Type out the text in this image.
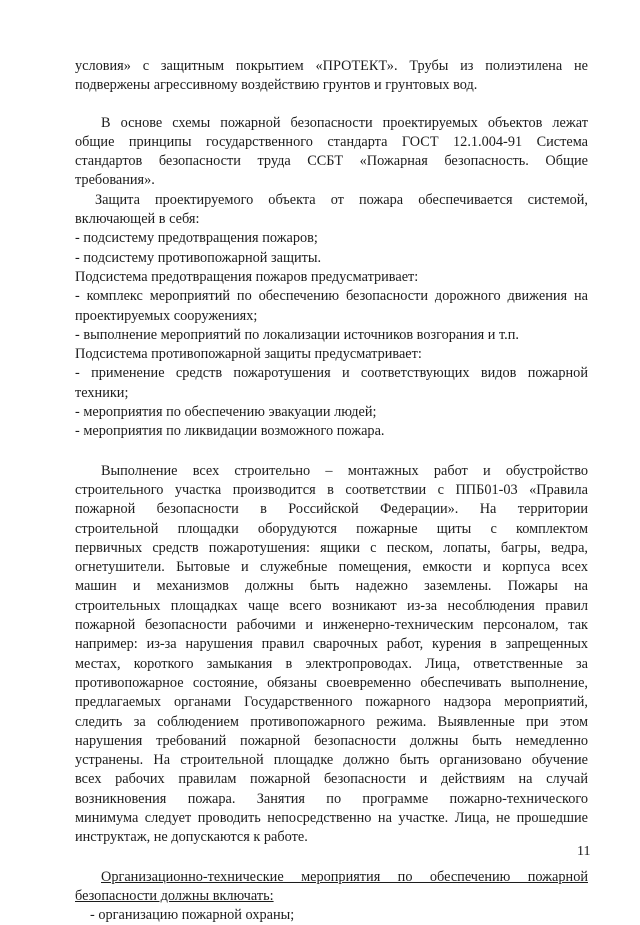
условия» с защитным покрытием «ПРОТЕКТ». Трубы из полиэтилена не

подвержены агрессивному воздействию грунтов и грунтовых вод.

В основе схемы пожарной безопасности проектируемых объектов лежат

общие принципы государственного стандарта ГОСТ 12.1.004-91 Система

стандартов безопасности труда ССБТ «Пожарная безопасность. Общие

требования».

Защита проектируемого объекта от пожара обеспечивается системой,

включающей в себя:

- подсистему предотвращения пожаров;

- подсистему противопожарной защиты.

Подсистема предотвращения пожаров предусматривает:

- комплекс мероприятий по обеспечению безопасности дорожного движения на

проектируемых сооружениях;

- выполнение мероприятий по локализации источников возгорания и т.п.

Подсистема противопожарной защиты предусматривает:

- применение средств пожаротушения и соответствующих видов пожарной

техники;

- мероприятия по обеспечению эвакуации людей;

- мероприятия по ликвидации возможного пожара.

Выполнение всех строительно – монтажных работ и обустройство

строительного участка производится в соответствии с ППБ01-03 «Правила

пожарной безопасности в Российской Федерации». На территории

строительной площадки оборудуются пожарные щиты с комплектом

первичных средств пожаротушения: ящики с песком, лопаты, багры, ведра,

огнетушители. Бытовые и служебные помещения, емкости и корпуса всех

машин и механизмов должны быть надежно заземлены. Пожары на

строительных площадках чаще всего возникают из-за несоблюдения правил

пожарной безопасности рабочими и инженерно-техническим персоналом, так

например: из-за нарушения правил сварочных работ, курения в запрещенных

местах, короткого замыкания в электропроводах. Лица, ответственные за

противопожарное состояние, обязаны своевременно обеспечивать выполнение,

предлагаемых органами Государственного пожарного надзора мероприятий,

следить за соблюдением противопожарного режима. Выявленные при этом

нарушения требований пожарной безопасности должны быть немедленно

устранены. На строительной площадке должно быть организовано обучение

всех рабочих правилам пожарной безопасности и действиям на случай

возникновения пожара. Занятия по программе пожарно-технического

минимума следует проводить непосредственно на участке. Лица, не прошедшие

инструктаж, не допускаются к работе.

Организационно-технические мероприятия по обеспечению пожарной

безопасности должны включать:

- организацию пожарной охраны;

11
